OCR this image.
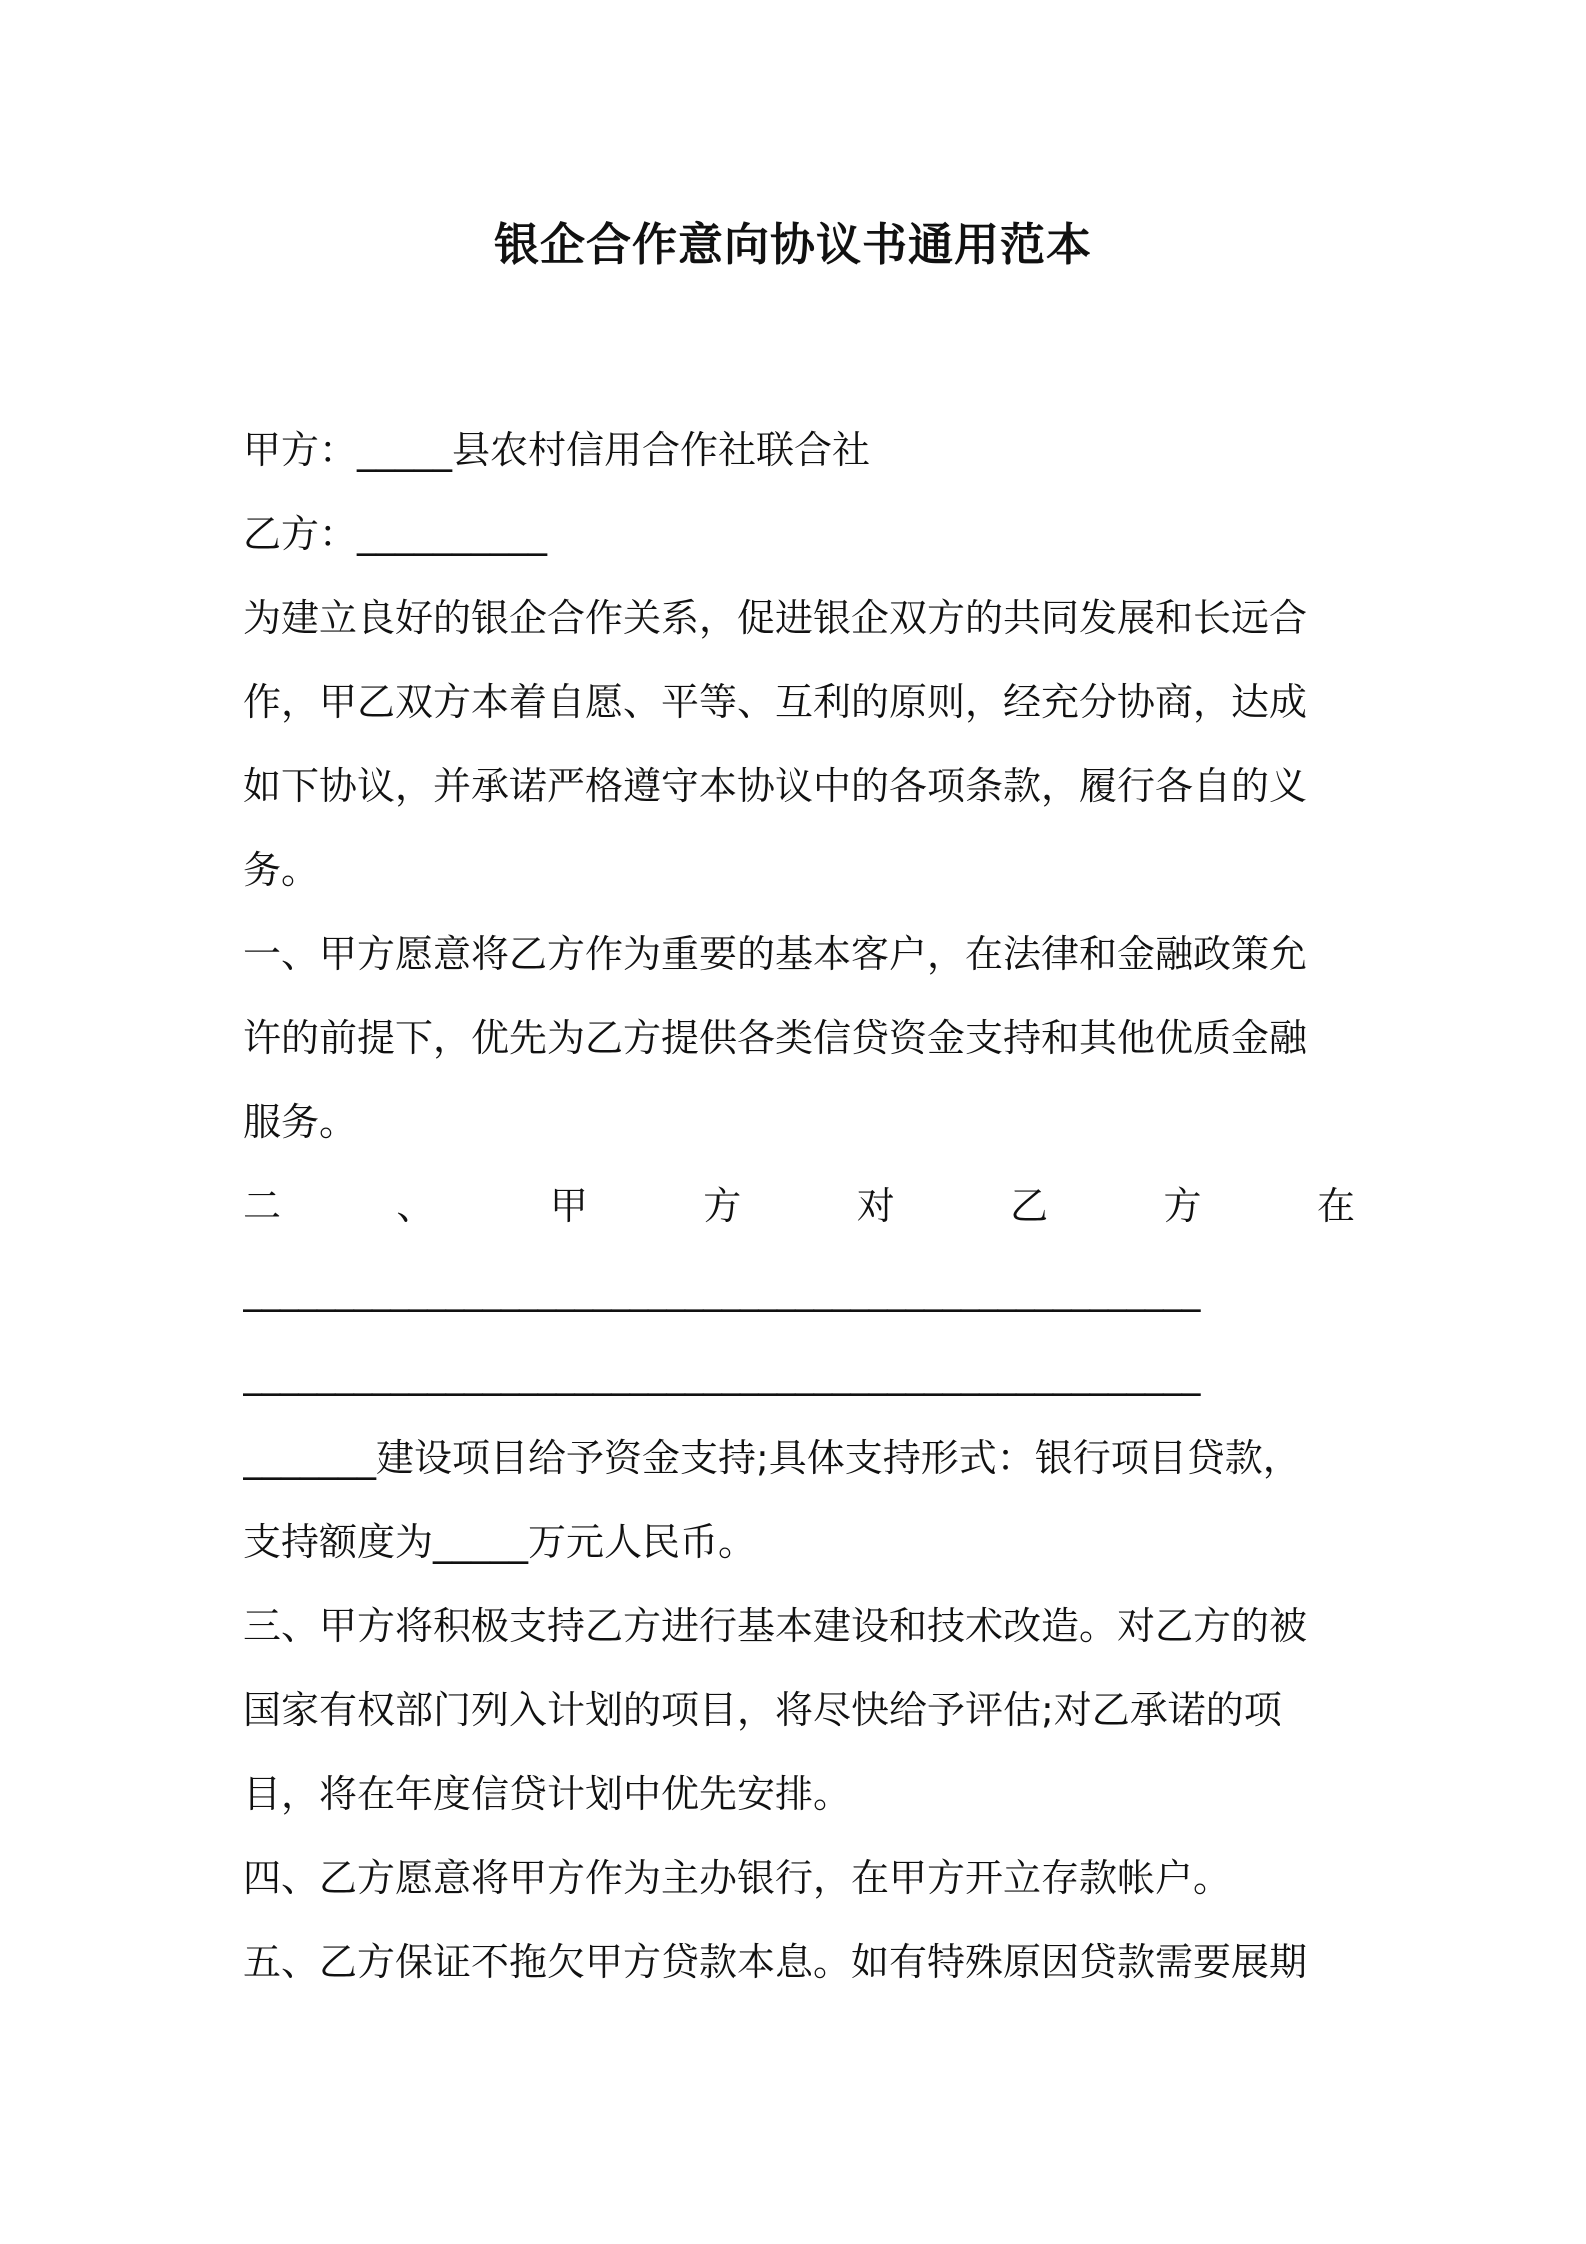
银企合作意向协议书通用范本
甲方：_____县农村信用合作社联合社
乙方：__________
为建立良好的银企合作关系，促进银企双方的共同发展和长远合
作，甲乙双方本着自愿、平等、互利的原则，经充分协商，达成
如下协议，并承诺严格遵守本协议中的各项条款，履行各自的义
务。
一、甲方愿意将乙方作为重要的基本客户，在法律和金融政策允
许的前提下，优先为乙方提供各类信贷资金支持和其他优质金融
服务。
二	、	甲	方	对	乙	方	在
____________________________________________________
____________________________________________________
_______建设项目给予资金支持;具体支持形式：银行项目贷款，
支持额度为_____万元人民币。
三、甲方将积极支持乙方进行基本建设和技术改造。对乙方的被
国家有权部门列入计划的项目，将尽快给予评估;对乙承诺的项
目，将在年度信贷计划中优先安排。
四、乙方愿意将甲方作为主办银行，在甲方开立存款帐户。
五、乙方保证不拖欠甲方贷款本息。如有特殊原因贷款需要展期
